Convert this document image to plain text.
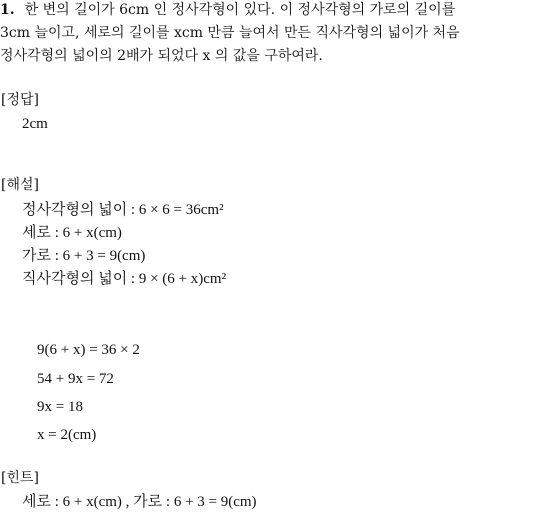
1. 한 변의 길이가 6cm 인 정사각형이 있다. 이 정사각형의 가로의 길이를
3cm 늘이고, 세로의 길이를 xcm 만큼 늘여서 만든 직사각형의 넓이가 처음
정사각형의 넓이의 2배가 되었다 x 의 값을 구하여라.
[정답]
2cm
[해설]
정사각형의 넓이 : 6 × 6 = 36cm²
세로 : 6 + x(cm)
가로 : 6 + 3 = 9(cm)
직사각형의 넓이 : 9 × (6 + x)cm²
9(6 + x) = 36 × 2
54 + 9x = 72
9x = 18
x = 2(cm)
[힌트]
세로 : 6 + x(cm) , 가로 : 6 + 3 = 9(cm)
